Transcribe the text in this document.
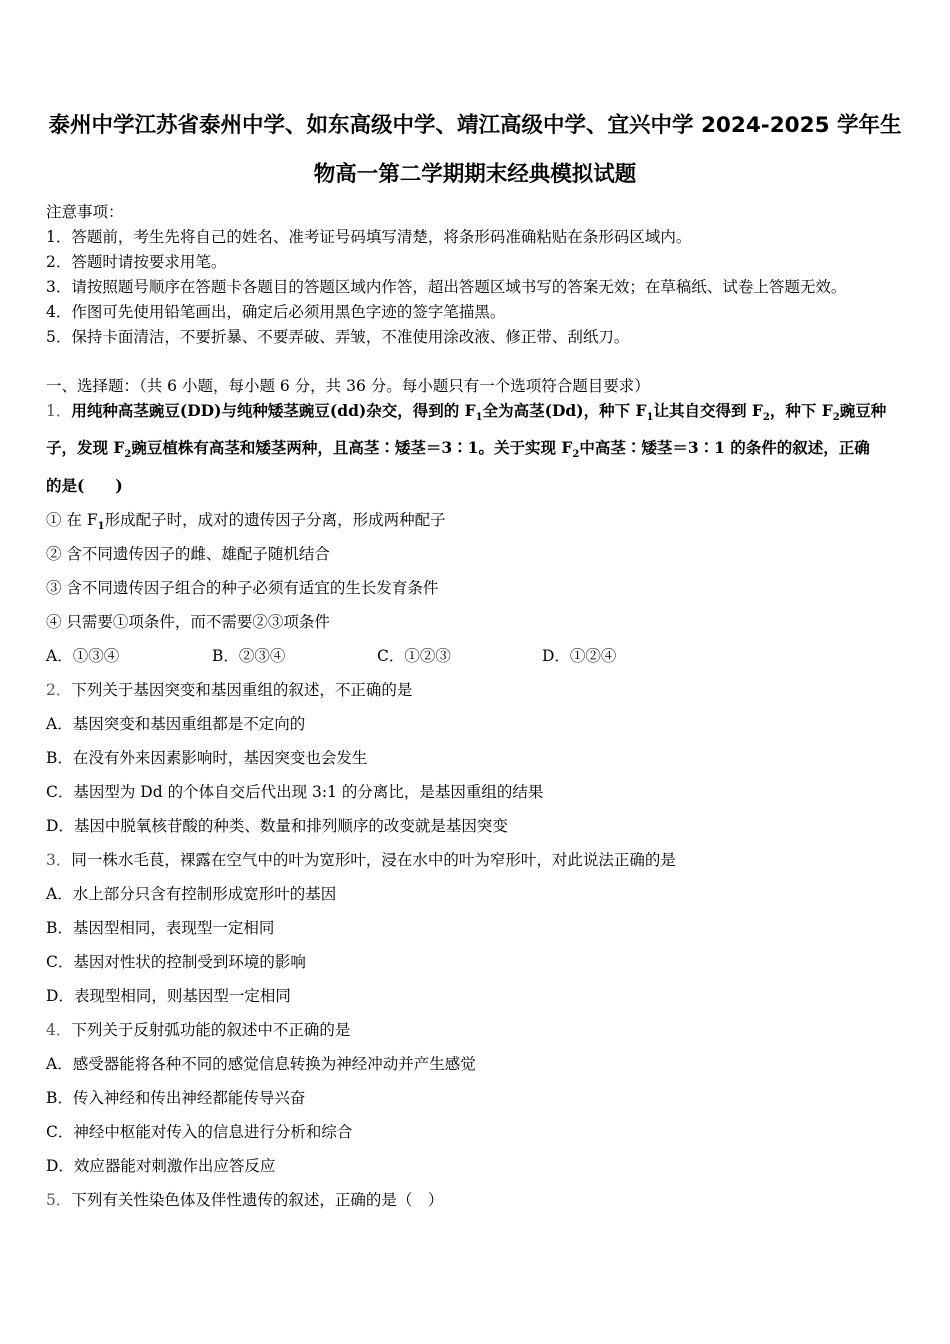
泰州中学江苏省泰州中学、如东高级中学、靖江高级中学、宜兴中学 2024-2025 学年生
物高一第二学期期末经典模拟试题
注意事项：
1．答题前，考生先将自己的姓名、准考证号码填写清楚，将条形码准确粘贴在条形码区域内。
2．答题时请按要求用笔。
3．请按照题号顺序在答题卡各题目的答题区域内作答，超出答题区域书写的答案无效；在草稿纸、试卷上答题无效。
4．作图可先使用铅笔画出，确定后必须用黑色字迹的签字笔描黑。
5．保持卡面清洁，不要折暴、不要弄破、弄皱，不准使用涂改液、修正带、刮纸刀。
一、选择题：（共 6 小题，每小题 6 分，共 36 分。每小题只有一个选项符合题目要求）
1．用纯种高茎豌豆(DD)与纯种矮茎豌豆(dd)杂交，得到的 $F_1$全为高茎(Dd)，种下 $F_1$让其自交得到 $F_2$，种下 $F_2$豌豆种
子，发现 $F_2$豌豆植株有高茎和矮茎两种，且高茎∶矮茎＝3∶1。关于实现 $F_2$中高茎∶矮茎＝3∶1 的条件的叙述，正确
的是(　　)
① 在 $F_1$形成配子时，成对的遗传因子分离，形成两种配子
② 含不同遗传因子的雌、雄配子随机结合
③ 含不同遗传因子组合的种子必须有适宜的生长发育条件
④ 只需要①项条件，而不需要②③项条件
A．①③④	B．②③④	C．①②③	D．①②④
2．下列关于基因突变和基因重组的叙述，不正确的是
A．基因突变和基因重组都是不定向的
B．在没有外来因素影响时，基因突变也会发生
C．基因型为 Dd 的个体自交后代出现 3:1 的分离比，是基因重组的结果
D．基因中脱氧核苷酸的种类、数量和排列顺序的改变就是基因突变
3．同一株水毛茛，裸露在空气中的叶为宽形叶，浸在水中的叶为窄形叶，对此说法正确的是
A．水上部分只含有控制形成宽形叶的基因
B．基因型相同，表现型一定相同
C．基因对性状的控制受到环境的影响
D．表现型相同，则基因型一定相同
4．下列关于反射弧功能的叙述中不正确的是
A．感受器能将各种不同的感觉信息转换为神经冲动并产生感觉
B．传入神经和传出神经都能传导兴奋
C．神经中枢能对传入的信息进行分析和综合
D．效应器能对刺激作出应答反应
5．下列有关性染色体及伴性遗传的叙述，正确的是（　）
